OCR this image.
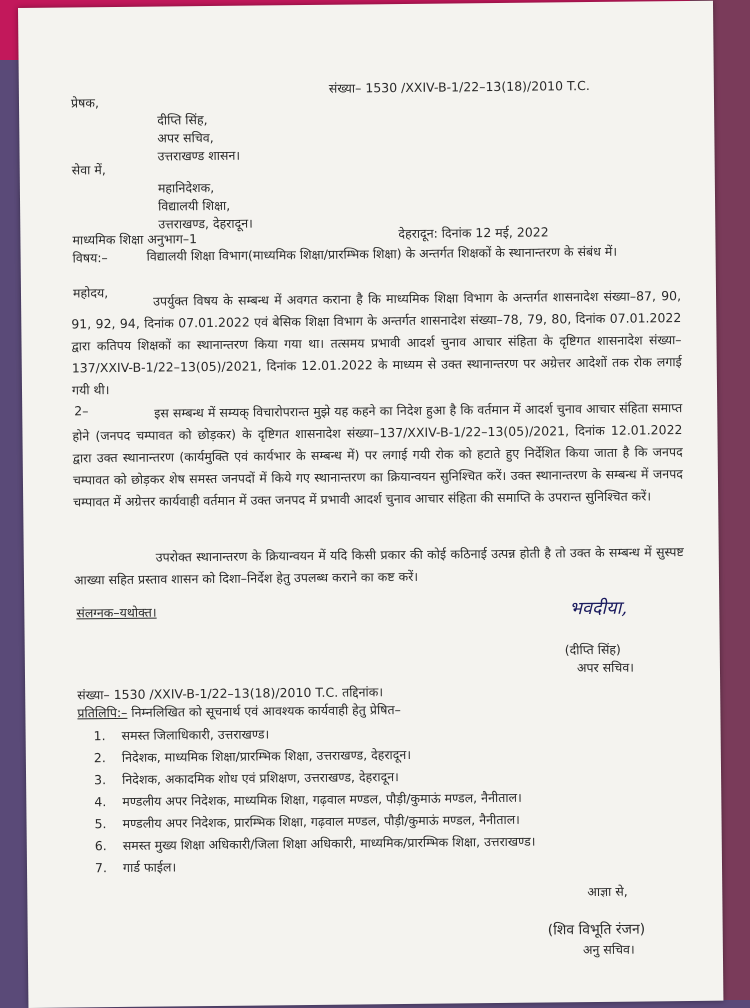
संख्या– 1530 /XXIV-B-1/22–13(18)/2010 T.C.
प्रेषक,
दीप्ति सिंह,
अपर सचिव,
उत्तराखण्ड शासन।
सेवा में,
महानिदेशक,
विद्यालयी शिक्षा,
उत्तराखण्ड, देहरादून।
माध्यमिक शिक्षा अनुभाग–1	देहरादून: दिनांक 12 मई, 2022
विषय:–	विद्यालयी शिक्षा विभाग(माध्यमिक शिक्षा/प्रारम्भिक शिक्षा) के अन्तर्गत शिक्षकों के स्थानान्तरण के संबंध में।
महोदय,	उपर्युक्त विषय के सम्बन्ध में अवगत कराना है कि माध्यमिक शिक्षा विभाग के अन्तर्गत शासनादेश संख्या–87, 90, 91, 92, 94, दिनांक 07.01.2022 एवं बेसिक शिक्षा विभाग के अन्तर्गत शासनादेश संख्या–78, 79, 80, दिनांक 07.01.2022 द्वारा कतिपय शिक्षकों का स्थानान्तरण किया गया था। तत्समय प्रभावी आदर्श चुनाव आचार संहिता के दृष्टिगत शासनादेश संख्या–137/XXIV-B-1/22–13(05)/2021, दिनांक 12.01.2022 के माध्यम से उक्त स्थानान्तरण पर अग्रेत्तर आदेशों तक रोक लगाई गयी थी।
2–	इस सम्बन्ध में सम्यक् विचारोपरान्त मुझे यह कहने का निदेश हुआ है कि वर्तमान में आदर्श चुनाव आचार संहिता समाप्त होने (जनपद चम्पावत को छोड़कर) के दृष्टिगत शासनादेश संख्या–137/XXIV-B-1/22–13(05)/2021, दिनांक 12.01.2022 द्वारा उक्त स्थानान्तरण (कार्यमुक्ति एवं कार्यभार के सम्बन्ध में) पर लगाई गयी रोक को हटाते हुए निर्देशित किया जाता है कि जनपद चम्पावत को छोड़कर शेष समस्त जनपदों में किये गए स्थानान्तरण का क्रियान्वयन सुनिश्चित करें। उक्त स्थानान्तरण के सम्बन्ध में जनपद चम्पावत में अग्रेत्तर कार्यवाही वर्तमान में उक्त जनपद में प्रभावी आदर्श चुनाव आचार संहिता की समाप्ति के उपरान्त सुनिश्चित करें।
उपरोक्त स्थानान्तरण के क्रियान्वयन में यदि किसी प्रकार की कोई कठिनाई उत्पन्न होती है तो उक्त के सम्बन्ध में सुस्पष्ट आख्या सहित प्रस्ताव शासन को दिशा–निर्देश हेतु उपलब्ध कराने का कष्ट करें।
संलग्नक–यथोक्त।	भवदीया,
(दीप्ति सिंह)
अपर सचिव।
संख्या– 1530 /XXIV-B-1/22–13(18)/2010 T.C. तद्दिनांक।
प्रतिलिपि:– निम्नलिखित को सूचनार्थ एवं आवश्यक कार्यवाही हेतु प्रेषित–
1. समस्त जिलाधिकारी, उत्तराखण्ड।
2. निदेशक, माध्यमिक शिक्षा/प्रारम्भिक शिक्षा, उत्तराखण्ड, देहरादून।
3. निदेशक, अकादमिक शोध एवं प्रशिक्षण, उत्तराखण्ड, देहरादून।
4. मण्डलीय अपर निदेशक, माध्यमिक शिक्षा, गढ़वाल मण्डल, पौड़ी/कुमाऊं मण्डल, नैनीताल।
5. मण्डलीय अपर निदेशक, प्रारम्भिक शिक्षा, गढ़वाल मण्डल, पौड़ी/कुमाऊं मण्डल, नैनीताल।
6. समस्त मुख्य शिक्षा अधिकारी/जिला शिक्षा अधिकारी, माध्यमिक/प्रारम्भिक शिक्षा, उत्तराखण्ड।
7. गार्ड फाईल।
आज्ञा से,
(शिव विभूति रंजन)
अनु सचिव।
